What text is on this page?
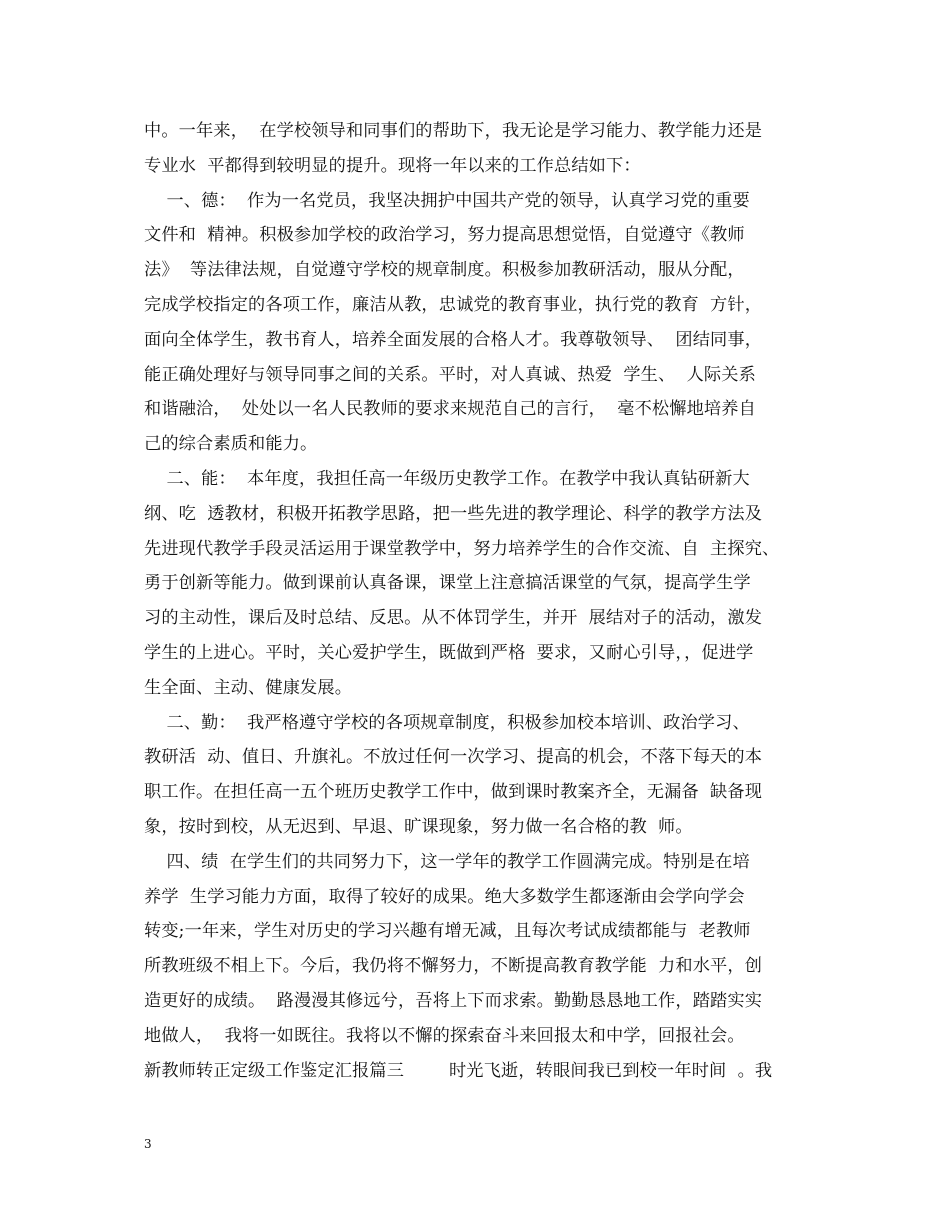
中。一年来，  在学校领导和同事们的帮助下，我无论是学习能力、教学能力还是
专业水  平都得到较明显的提升。现将一年以来的工作总结如下：
一、德：  作为一名党员，我坚决拥护中国共产党的领导，认真学习党的重要
文件和  精神。积极参加学校的政治学习，努力提高思想觉悟，自觉遵守《教师
法》  等法律法规，自觉遵守学校的规章制度。积极参加教研活动，服从分配，
完成学校指定的各项工作，廉洁从教，忠诚党的教育事业，执行党的教育  方针，
面向全体学生，教书育人，培养全面发展的合格人才。我尊敬领导、  团结同事，
能正确处理好与领导同事之间的关系。平时，对人真诚、热爱  学生、  人际关系
和谐融洽，  处处以一名人民教师的要求来规范自己的言行，  毫不松懈地培养自
己的综合素质和能力。
二、能：  本年度，我担任高一年级历史教学工作。在教学中我认真钻研新大
纲、吃  透教材，积极开拓教学思路，把一些先进的教学理论、科学的教学方法及
先进现代教学手段灵活运用于课堂教学中，努力培养学生的合作交流、自  主探究、
勇于创新等能力。做到课前认真备课，课堂上注意搞活课堂的气氛，提高学生学
习的主动性，课后及时总结、反思。从不体罚学生，并开  展结对子的活动，激发
学生的上进心。平时，关心爱护学生，既做到严格  要求，又耐心引导，，促进学
生全面、主动、健康发展。
二、勤：  我严格遵守学校的各项规章制度，积极参加校本培训、政治学习、
教研活  动、值日、升旗礼。不放过任何一次学习、提高的机会，不落下每天的本
职工作。在担任高一五个班历史教学工作中，做到课时教案齐全，无漏备  缺备现
象，按时到校，从无迟到、早退、旷课现象，努力做一名合格的教  师。
四、绩  在学生们的共同努力下，这一学年的教学工作圆满完成。特别是在培
养学  生学习能力方面，取得了较好的成果。绝大多数学生都逐渐由会学向学会
转变;一年来，学生对历史的学习兴趣有增无减，且每次考试成绩都能与  老教师
所教班级不相上下。今后，我仍将不懈努力，不断提高教育教学能  力和水平，创
造更好的成绩。  路漫漫其修远兮，吾将上下而求索。勤勤恳恳地工作，踏踏实实
地做人，  我将一如既往。我将以不懈的探索奋斗来回报太和中学，回报社会。
新教师转正定级工作鉴定汇报篇三        时光飞逝，转眼间我已到校一年时间  。我
3
